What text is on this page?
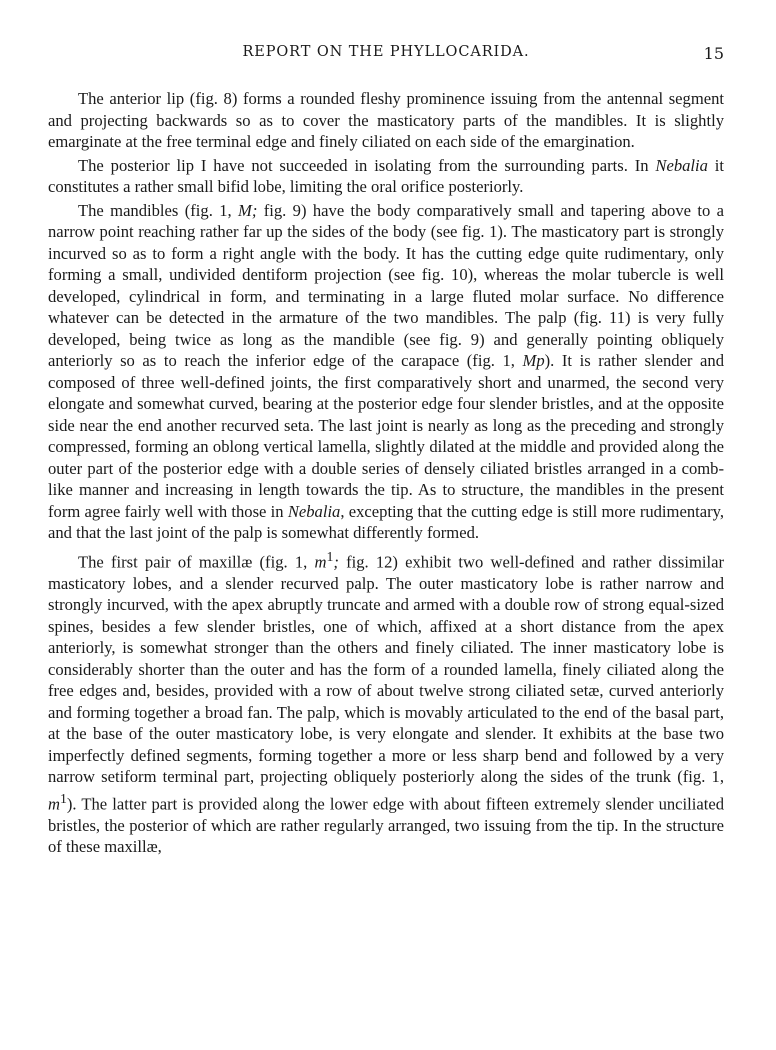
REPORT ON THE PHYLLOCARIDA.	15

The anterior lip (fig. 8) forms a rounded fleshy prominence issuing from the antennal segment and projecting backwards so as to cover the masticatory parts of the mandibles. It is slightly emarginate at the free terminal edge and finely ciliated on each side of the emargination.

The posterior lip I have not succeeded in isolating from the surrounding parts. In Nebalia it constitutes a rather small bifid lobe, limiting the oral orifice posteriorly.

The mandibles (fig. 1, M; fig. 9) have the body comparatively small and tapering above to a narrow point reaching rather far up the sides of the body (see fig. 1). The masticatory part is strongly incurved so as to form a right angle with the body. It has the cutting edge quite rudimentary, only forming a small, undivided dentiform projection (see fig. 10), whereas the molar tubercle is well developed, cylindrical in form, and terminating in a large fluted molar surface. No difference whatever can be detected in the armature of the two mandibles. The palp (fig. 11) is very fully developed, being twice as long as the mandible (see fig. 9) and generally pointing obliquely anteriorly so as to reach the inferior edge of the carapace (fig. 1, Mp). It is rather slender and composed of three well-defined joints, the first comparatively short and unarmed, the second very elongate and somewhat curved, bearing at the posterior edge four slender bristles, and at the opposite side near the end another recurved seta. The last joint is nearly as long as the preceding and strongly compressed, forming an oblong vertical lamella, slightly dilated at the middle and provided along the outer part of the posterior edge with a double series of densely ciliated bristles arranged in a comb-like manner and increasing in length towards the tip. As to structure, the mandibles in the present form agree fairly well with those in Nebalia, excepting that the cutting edge is still more rudimentary, and that the last joint of the palp is somewhat differently formed.

The first pair of maxillæ (fig. 1, $m^1$; fig. 12) exhibit two well-defined and rather dissimilar masticatory lobes, and a slender recurved palp. The outer masticatory lobe is rather narrow and strongly incurved, with the apex abruptly truncate and armed with a double row of strong equal-sized spines, besides a few slender bristles, one of which, affixed at a short distance from the apex anteriorly, is somewhat stronger than the others and finely ciliated. The inner masticatory lobe is considerably shorter than the outer and has the form of a rounded lamella, finely ciliated along the free edges and, besides, provided with a row of about twelve strong ciliated setæ, curved anteriorly and forming together a broad fan. The palp, which is movably articulated to the end of the basal part, at the base of the outer masticatory lobe, is very elongate and slender. It exhibits at the base two imperfectly defined segments, forming together a more or less sharp bend and followed by a very narrow setiform terminal part, projecting obliquely posteriorly along the sides of the trunk (fig. 1, $m^1$). The latter part is provided along the lower edge with about fifteen extremely slender unciliated bristles, the posterior of which are rather regularly arranged, two issuing from the tip. In the structure of these maxillæ,
